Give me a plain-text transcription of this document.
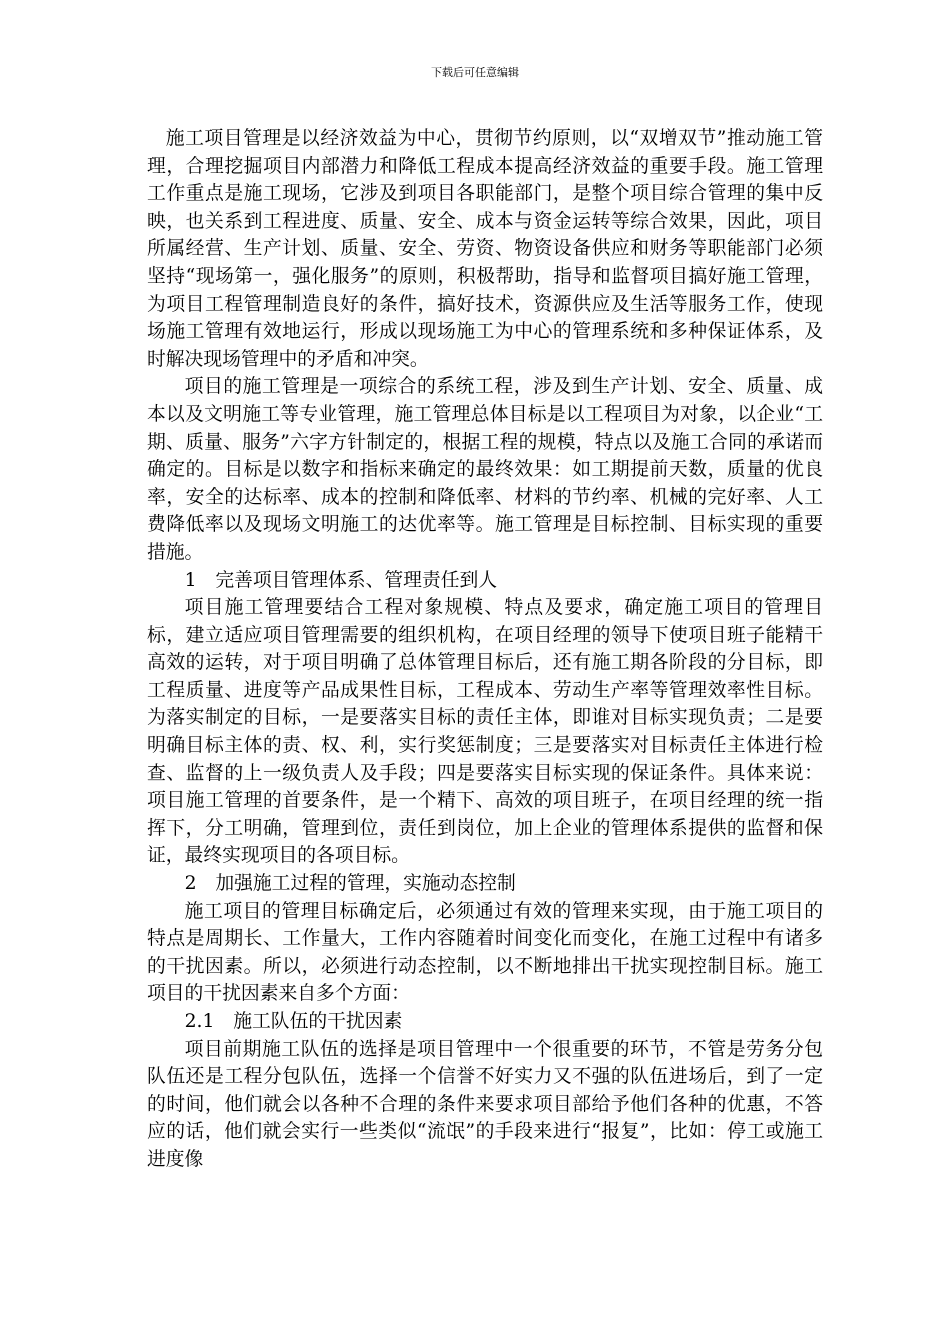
下载后可任意编辑

施工项目管理是以经济效益为中心，贯彻节约原则，以“双增双节”推动施工管理，合理挖掘项目内部潜力和降低工程成本提高经济效益的重要手段。施工管理工作重点是施工现场，它涉及到项目各职能部门，是整个项目综合管理的集中反映，也关系到工程进度、质量、安全、成本与资金运转等综合效果，因此，项目所属经营、生产计划、质量、安全、劳资、物资设备供应和财务等职能部门必须坚持“现场第一，强化服务”的原则，积极帮助，指导和监督项目搞好施工管理，为项目工程管理制造良好的条件，搞好技术，资源供应及生活等服务工作，使现场施工管理有效地运行，形成以现场施工为中心的管理系统和多种保证体系，及时解决现场管理中的矛盾和冲突。

项目的施工管理是一项综合的系统工程，涉及到生产计划、安全、质量、成本以及文明施工等专业管理，施工管理总体目标是以工程项目为对象，以企业“工期、质量、服务”六字方针制定的，根据工程的规模，特点以及施工合同的承诺而确定的。目标是以数字和指标来确定的最终效果：如工期提前天数，质量的优良率，安全的达标率、成本的控制和降低率、材料的节约率、机械的完好率、人工费降低率以及现场文明施工的达优率等。施工管理是目标控制、目标实现的重要措施。

1　完善项目管理体系、管理责任到人

项目施工管理要结合工程对象规模、特点及要求，确定施工项目的管理目标，建立适应项目管理需要的组织机构，在项目经理的领导下使项目班子能精干高效的运转，对于项目明确了总体管理目标后，还有施工期各阶段的分目标，即工程质量、进度等产品成果性目标，工程成本、劳动生产率等管理效率性目标。为落实制定的目标，一是要落实目标的责任主体，即谁对目标实现负责；二是要明确目标主体的责、权、利，实行奖惩制度；三是要落实对目标责任主体进行检查、监督的上一级负责人及手段；四是要落实目标实现的保证条件。具体来说：项目施工管理的首要条件，是一个精下、高效的项目班子，在项目经理的统一指挥下，分工明确，管理到位，责任到岗位，加上企业的管理体系提供的监督和保证，最终实现项目的各项目标。

2　加强施工过程的管理，实施动态控制

施工项目的管理目标确定后，必须通过有效的管理来实现，由于施工项目的特点是周期长、工作量大，工作内容随着时间变化而变化，在施工过程中有诸多的干扰因素。所以，必须进行动态控制，以不断地排出干扰实现控制目标。施工项目的干扰因素来自多个方面：

2.1　施工队伍的干扰因素

项目前期施工队伍的选择是项目管理中一个很重要的环节，不管是劳务分包队伍还是工程分包队伍，选择一个信誉不好实力又不强的队伍进场后，到了一定的时间，他们就会以各种不合理的条件来要求项目部给予他们各种的优惠，不答应的话，他们就会实行一些类似“流氓”的手段来进行“报复”，比如：停工或施工进度像
